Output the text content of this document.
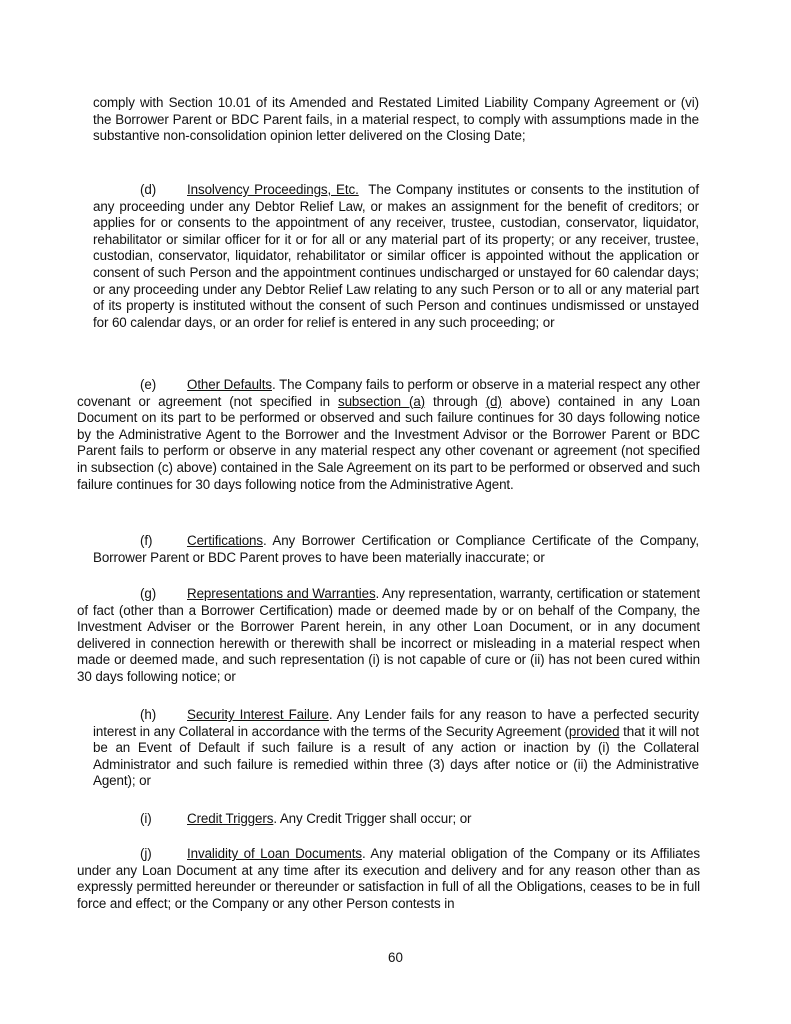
comply with Section 10.01 of its Amended and Restated Limited Liability Company Agreement or (vi) the Borrower Parent or BDC Parent fails, in a material respect, to comply with assumptions made in the substantive non-consolidation opinion letter delivered on the Closing Date;
(d) Insolvency Proceedings, Etc. The Company institutes or consents to the institution of any proceeding under any Debtor Relief Law, or makes an assignment for the benefit of creditors; or applies for or consents to the appointment of any receiver, trustee, custodian, conservator, liquidator, rehabilitator or similar officer for it or for all or any material part of its property; or any receiver, trustee, custodian, conservator, liquidator, rehabilitator or similar officer is appointed without the application or consent of such Person and the appointment continues undischarged or unstayed for 60 calendar days; or any proceeding under any Debtor Relief Law relating to any such Person or to all or any material part of its property is instituted without the consent of such Person and continues undismissed or unstayed for 60 calendar days, or an order for relief is entered in any such proceeding; or
(e) Other Defaults. The Company fails to perform or observe in a material respect any other covenant or agreement (not specified in subsection (a) through (d) above) contained in any Loan Document on its part to be performed or observed and such failure continues for 30 days following notice by the Administrative Agent to the Borrower and the Investment Advisor or the Borrower Parent or BDC Parent fails to perform or observe in any material respect any other covenant or agreement (not specified in subsection (c) above) contained in the Sale Agreement on its part to be performed or observed and such failure continues for 30 days following notice from the Administrative Agent.
(f)	Certifications. Any Borrower Certification or Compliance Certificate of the Company, Borrower Parent or BDC Parent proves to have been materially inaccurate; or
(g) Representations and Warranties. Any representation, warranty, certification or statement of fact (other than a Borrower Certification) made or deemed made by or on behalf of the Company, the Investment Adviser or the Borrower Parent herein, in any other Loan Document, or in any document delivered in connection herewith or therewith shall be incorrect or misleading in a material respect when made or deemed made, and such representation (i) is not capable of cure or (ii) has not been cured within 30 days following notice; or
(h) Security Interest Failure. Any Lender fails for any reason to have a perfected security interest in any Collateral in accordance with the terms of the Security Agreement (provided that it will not be an Event of Default if such failure is a result of any action or inaction by (i) the Collateral Administrator and such failure is remedied within three (3) days after notice or (ii) the Administrative Agent); or
(i)	Credit Triggers. Any Credit Trigger shall occur; or
(j)	Invalidity of Loan Documents. Any material obligation of the Company or its Affiliates under any Loan Document at any time after its execution and delivery and for any reason other than as expressly permitted hereunder or thereunder or satisfaction in full of all the Obligations, ceases to be in full force and effect; or the Company or any other Person contests in
60
